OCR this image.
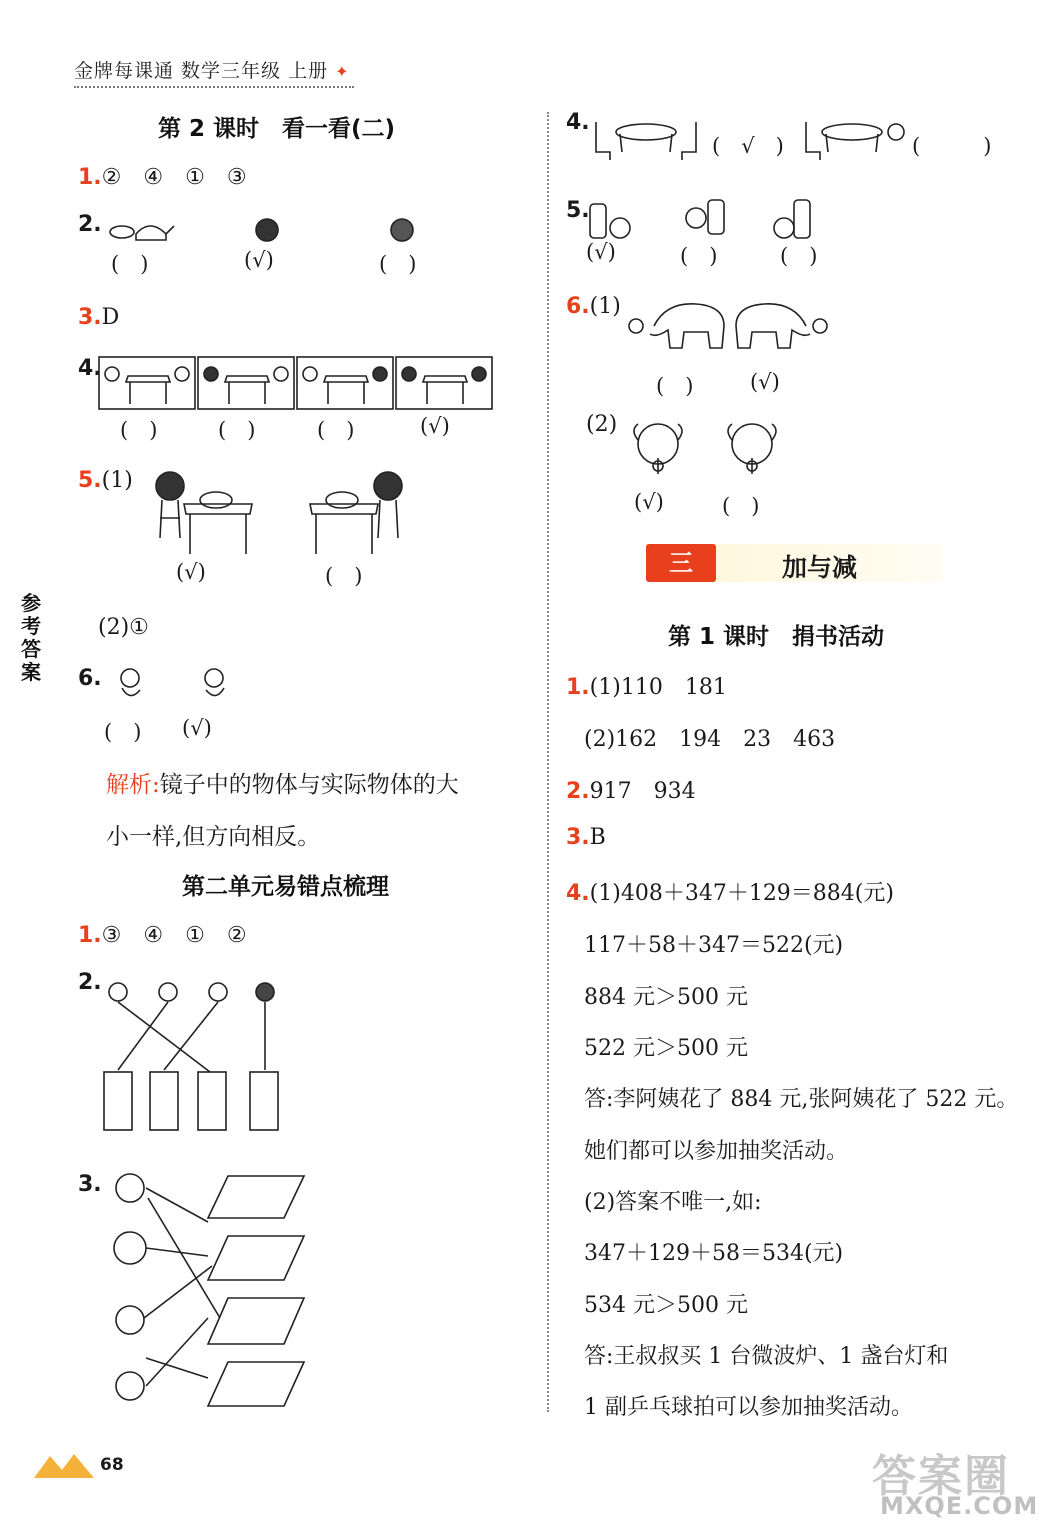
金牌每课通 数学三年级 上册 ✦
参考答案
第 2 课时　看一看(二)
1.②　④　①　③
2.
(　)	(√)	(　)
3.D
4.
(　)	(　)	(　)	(√)
5.(1)
(√)	(　)
(2)①
6.
(　) (√)
解析:镜子中的物体与实际物体的大
小一样,但方向相反。
第二单元易错点梳理
1.③　④　①　②
2.
3.
4.
(　√　)	(　　　)
5.
(√)	(　)	(　)
6.(1)
(　)	(√)
(2)
(√)	(　)
三	加与减
第 1 课时　捐书活动
1.(1)110　181
(2)162　194　23　463
2.917　934
3.B
4.(1)408＋347＋129＝884(元)
117＋58＋347＝522(元)
884 元＞500 元
522 元＞500 元
答:李阿姨花了 884 元,张阿姨花了 522 元。
她们都可以参加抽奖活动。
(2)答案不唯一,如:
347＋129＋58＝534(元)
534 元＞500 元
答:王叔叔买 1 台微波炉、1 盏台灯和
1 副乒乓球拍可以参加抽奖活动。
68	答案圈
MXQE.COM
